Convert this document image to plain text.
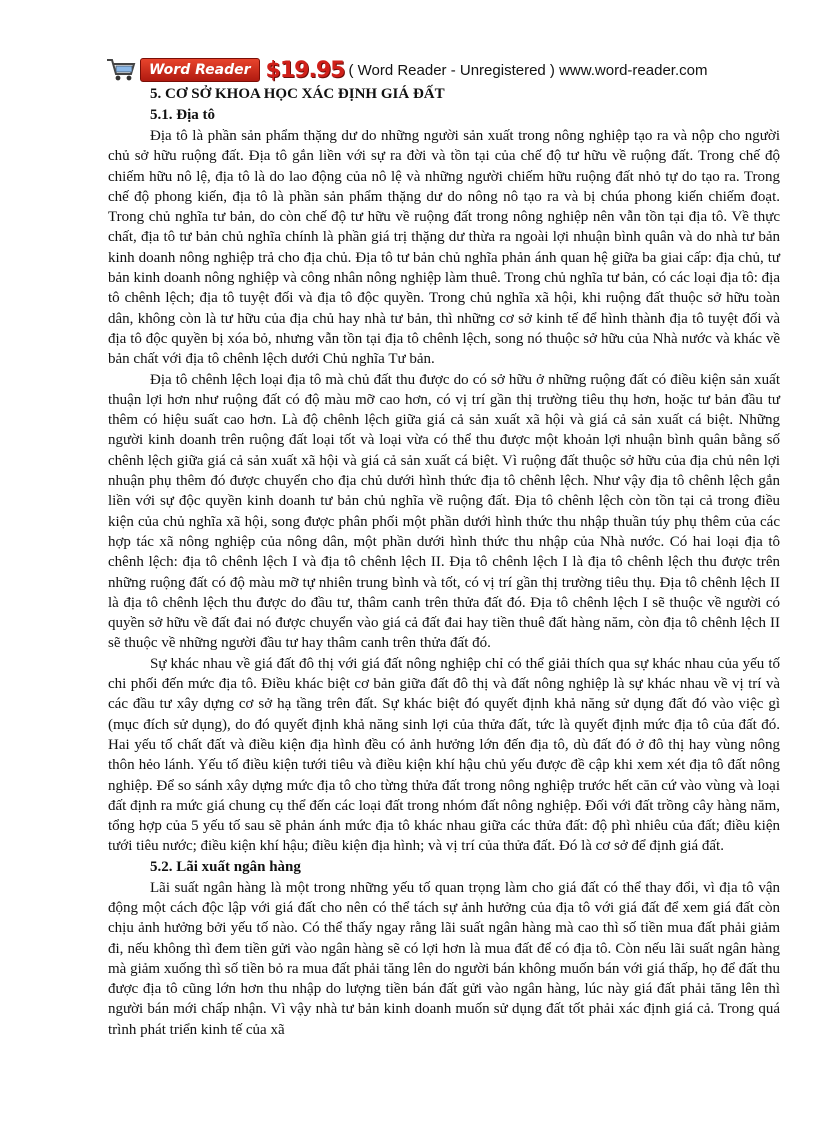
Word Reader $19.95 ( Word Reader - Unregistered ) www.word-reader.com
5. CƠ SỞ KHOA HỌC XÁC ĐỊNH GIÁ ĐẤT
5.1. Địa tô

Địa tô là phần sản phẩm thặng dư do những người sản xuất trong nông nghiệp tạo ra và nộp cho người chủ sở hữu ruộng đất. Địa tô gắn liền với sự ra đời và tồn tại của chế độ tư hữu về ruộng đất. Trong chế độ chiếm hữu nô lệ, địa tô là do lao động của nô lệ và những người chiếm hữu ruộng đất nhỏ tự do tạo ra. Trong chế độ phong kiến, địa tô là phần sản phẩm thặng dư do nông nô tạo ra và bị chúa phong kiến chiếm đoạt. Trong chủ nghĩa tư bản, do còn chế độ tư hữu về ruộng đất trong nông nghiệp nên vẫn tồn tại địa tô. Về thực chất, địa tô tư bản chủ nghĩa chính là phần giá trị thặng dư thừa ra ngoài lợi nhuận bình quân và do nhà tư bản kinh doanh nông nghiệp trả cho địa chủ. Địa tô tư bản chủ nghĩa phản ánh quan hệ giữa ba giai cấp: địa chủ, tư bản kinh doanh nông nghiệp và công nhân nông nghiệp làm thuê. Trong chủ nghĩa tư bản, có các loại địa tô: địa tô chênh lệch; địa tô tuyệt đối và địa tô độc quyền. Trong chủ nghĩa xã hội, khi ruộng đất thuộc sở hữu toàn dân, không còn là tư hữu của địa chủ hay nhà tư bản, thì những cơ sở kinh tế để hình thành địa tô tuyệt đối và địa tô độc quyền bị xóa bỏ, nhưng vẫn tồn tại địa tô chênh lệch, song nó thuộc sở hữu của Nhà nước và khác về bản chất với địa tô chênh lệch dưới Chủ nghĩa Tư bản.

Địa tô chênh lệch loại địa tô mà chủ đất thu được do có sở hữu ở những ruộng đất có điều kiện sản xuất thuận lợi hơn như ruộng đất có độ màu mỡ cao hơn, có vị trí gần thị trường tiêu thụ hơn, hoặc tư bản đầu tư thêm có hiệu suất cao hơn. Là độ chênh lệch giữa giá cả sản xuất xã hội và giá cả sản xuất cá biệt. Những người kinh doanh trên ruộng đất loại tốt và loại vừa có thể thu được một khoản lợi nhuận bình quân bằng số chênh lệch giữa giá cả sản xuất xã hội và giá cả sản xuất cá biệt. Vì ruộng đất thuộc sở hữu của địa chủ nên lợi nhuận phụ thêm đó được chuyển cho địa chủ dưới hình thức địa tô chênh lệch. Như vậy địa tô chênh lệch gắn liền với sự độc quyền kinh doanh tư bản chủ nghĩa về ruộng đất. Địa tô chênh lệch còn tồn tại cả trong điều kiện của chủ nghĩa xã hội, song được phân phối một phần dưới hình thức thu nhập thuần túy phụ thêm của các hợp tác xã nông nghiệp của nông dân, một phần dưới hình thức thu nhập của Nhà nước. Có hai loại địa tô chênh lệch: địa tô chênh lệch I và địa tô chênh lệch II. Địa tô chênh lệch I là địa tô chênh lệch thu được trên những ruộng đất có độ màu mỡ tự nhiên trung bình và tốt, có vị trí gần thị trường tiêu thụ. Địa tô chênh lệch II là địa tô chênh lệch thu được do đầu tư, thâm canh trên thửa đất đó. Địa tô chênh lệch I sẽ thuộc về người có quyền sở hữu về đất đai nó được chuyển vào giá cả đất đai hay tiền thuê đất hàng năm, còn địa tô chênh lệch II sẽ thuộc về những người đầu tư hay thâm canh trên thửa đất đó.

Sự khác nhau về giá đất đô thị với giá đất nông nghiệp chỉ có thể giải thích qua sự khác nhau của yếu tố chi phối đến mức địa tô. Điều khác biệt cơ bản giữa đất đô thị và đất nông nghiệp là sự khác nhau về vị trí và các đầu tư xây dựng cơ sở hạ tầng trên đất. Sự khác biệt đó quyết định khả năng sử dụng đất đó vào việc gì (mục đích sử dụng), do đó quyết định khả năng sinh lợi của thửa đất, tức là quyết định mức địa tô của đất đó. Hai yếu tố chất đất và điều kiện địa hình đều có ảnh hưởng lớn đến địa tô, dù đất đó ở đô thị hay vùng nông thôn hẻo lánh. Yếu tố điều kiện tưới tiêu và điều kiện khí hậu chủ yếu được đề cập khi xem xét địa tô đất nông nghiệp. Để so sánh xây dựng mức địa tô cho từng thửa đất trong nông nghiệp trước hết căn cứ vào vùng và loại đất định ra mức giá chung cụ thể đến các loại đất trong nhóm đất nông nghiệp. Đối với đất trồng cây hàng năm, tổng hợp của 5 yếu tố sau sẽ phản ánh mức địa tô khác nhau giữa các thửa đất: độ phì nhiêu của đất; điều kiện tưới tiêu nước; điều kiện khí hậu; điều kiện địa hình; và vị trí của thửa đất. Đó là cơ sở để định giá đất.

5.2. Lãi xuất ngân hàng

Lãi suất ngân hàng là một trong những yếu tố quan trọng làm cho giá đất có thể thay đổi, vì địa tô vận động một cách độc lập với giá đất cho nên có thể tách sự ảnh hưởng của địa tô với giá đất để xem giá đất còn chịu ảnh hưởng bởi yếu tố nào. Có thể thấy ngay rằng lãi suất ngân hàng mà cao thì số tiền mua đất phải giảm đi, nếu không thì đem tiền gửi vào ngân hàng sẽ có lợi hơn là mua đất để có địa tô. Còn nếu lãi suất ngân hàng mà giảm xuống thì số tiền bỏ ra mua đất phải tăng lên do người bán không muốn bán với giá thấp, họ để đất thu được địa tô cũng lớn hơn thu nhập do lượng tiền bán đất gửi vào ngân hàng, lúc này giá đất phải tăng lên thì người bán mới chấp nhận. Vì vậy nhà tư bản kinh doanh muốn sử dụng đất tốt phải xác định giá cả. Trong quá trình phát triển kinh tế của xã
